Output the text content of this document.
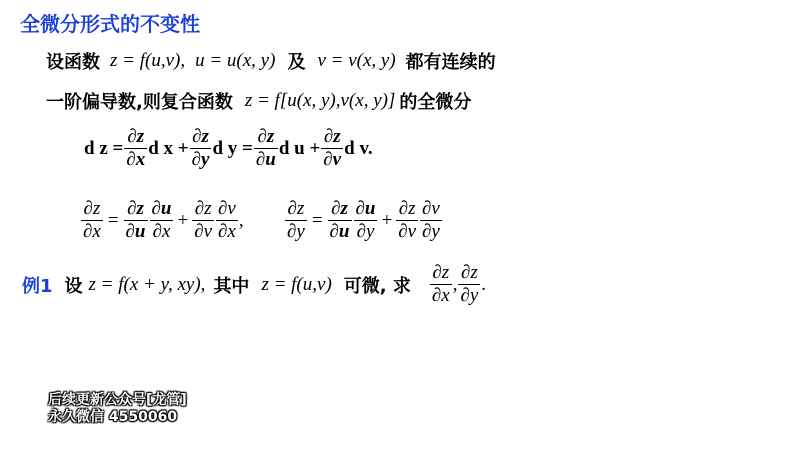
全微分形式的不变性
设函数 z = f(u,v), u = u(x, y) 及 v = v(x, y) 都有连续的
一阶偏导数,则复合函数 z = f[u(x, y),v(x, y)] 的全微分
d $z = \frac{\partial z}{\partial x}$ d $x + \frac{\partial z}{\partial y}$ d $y = \frac{\partial z}{\partial u}$ d $u + \frac{\partial z}{\partial v}$ d v.
$\frac{\partial z}{\partial x} = \frac{\partial z}{\partial u} \frac{\partial u}{\partial x} + \frac{\partial z}{\partial v} \frac{\partial v}{\partial x}$ , $\frac{\partial z}{\partial y} = \frac{\partial z}{\partial u} \frac{\partial u}{\partial y} + \frac{\partial z}{\partial v} \frac{\partial v}{\partial y}$
例1 设 z = f(x + y, xy), 其中 z = f(u,v) 可微, 求 $\frac{\partial z}{\partial x}$ , $\frac{\partial z}{\partial y}$ .
后续更新公众号[龙管]
永久微信 4550060
